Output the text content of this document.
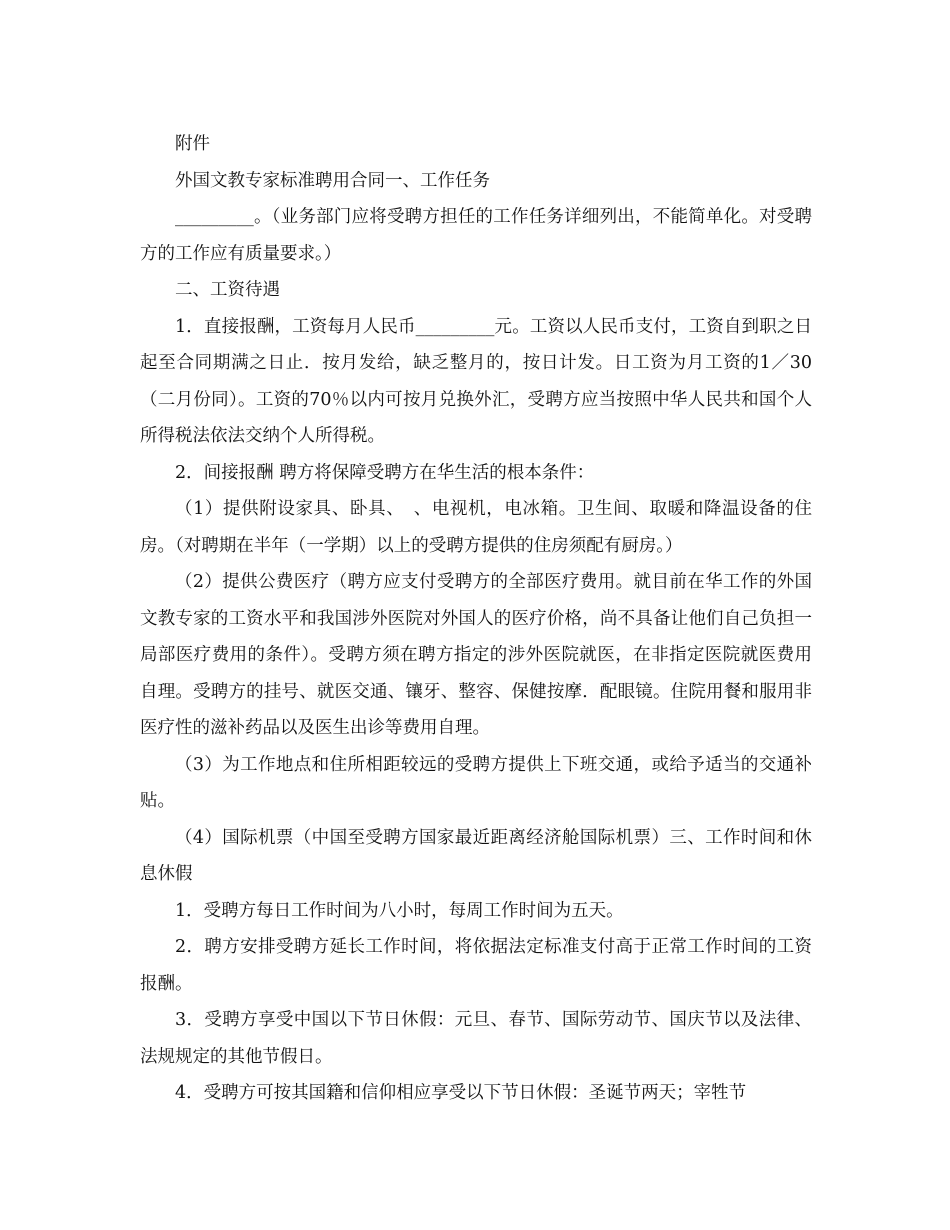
附件

外国文教专家标准聘用合同一、工作任务

_________。（业务部门应将受聘方担任的工作任务详细列出，不能简单化。对受聘方的工作应有质量要求。）

二、工资待遇

1．直接报酬，工资每月人民币_________元。工资以人民币支付，工资自到职之日起至合同期满之日止．按月发给，缺乏整月的，按日计发。日工资为月工资的1／30（二月份同）。工资的70％以内可按月兑换外汇，受聘方应当按照中华人民共和国个人所得税法依法交纳个人所得税。

2．间接报酬 聘方将保障受聘方在华生活的根本条件：

（1）提供附设家具、卧具、　、电视机，电冰箱。卫生间、取暖和降温设备的住房。（对聘期在半年（一学期）以上的受聘方提供的住房须配有厨房。）

（2）提供公费医疗（聘方应支付受聘方的全部医疗费用。就目前在华工作的外国文教专家的工资水平和我国涉外医院对外国人的医疗价格，尚不具备让他们自己负担一局部医疗费用的条件）。受聘方须在聘方指定的涉外医院就医，在非指定医院就医费用自理。受聘方的挂号、就医交通、镶牙、整容、保健按摩．配眼镜。住院用餐和服用非医疗性的滋补药品以及医生出诊等费用自理。

（3）为工作地点和住所相距较远的受聘方提供上下班交通，或给予适当的交通补贴。

（4）国际机票（中国至受聘方国家最近距离经济舱国际机票）三、工作时间和休息休假

1．受聘方每日工作时间为八小时，每周工作时间为五天。

2．聘方安排受聘方延长工作时间，将依据法定标准支付高于正常工作时间的工资报酬。

3．受聘方享受中国以下节日休假：元旦、春节、国际劳动节、国庆节以及法律、法规规定的其他节假日。

4．受聘方可按其国籍和信仰相应享受以下节日休假：圣诞节两天；宰牲节
